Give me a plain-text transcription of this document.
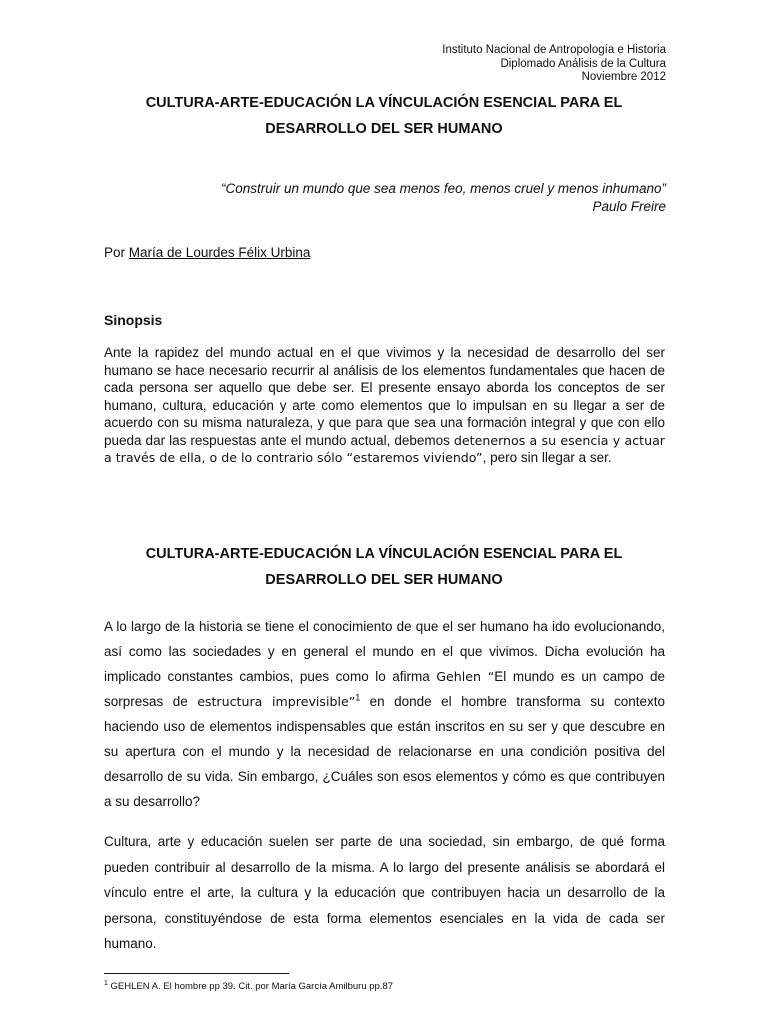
Instituto Nacional de Antropología e Historia
Diplomado Análisis de la Cultura
Noviembre 2012
CULTURA-ARTE-EDUCACIÓN LA VÍNCULACIÓN ESENCIAL PARA EL
DESARROLLO DEL SER HUMANO
“Construir un mundo que sea menos feo, menos cruel y menos inhumano”
Paulo Freire
Por María de Lourdes Félix Urbina
Sinopsis
Ante la rapidez del mundo actual en el que vivimos y la necesidad de desarrollo del ser humano se hace necesario recurrir al análisis de los elementos fundamentales que hacen de cada persona ser aquello que debe ser. El presente ensayo aborda los conceptos de ser humano, cultura, educación y arte como elementos que lo impulsan en su llegar a ser de acuerdo con su misma naturaleza, y que para que sea una formación integral y que con ello pueda dar las respuestas ante el mundo actual, debemos detenernos a su esencia y actuar a través de ella, o de lo contrario sólo “estaremos viviendo”, pero sin llegar a ser.
CULTURA-ARTE-EDUCACIÓN LA VÍNCULACIÓN ESENCIAL PARA EL
DESARROLLO DEL SER HUMANO
A lo largo de la historia se tiene el conocimiento de que el ser humano ha ido evolucionando, así como las sociedades y en general el mundo en el que vivimos. Dicha evolución ha implicado constantes cambios, pues como lo afirma Gehlen “El mundo es un campo de sorpresas de estructura imprevisible”$^1$ en donde el hombre transforma su contexto haciendo uso de elementos indispensables que están inscritos en su ser y que descubre en su apertura con el mundo y la necesidad de relacionarse en una condición positiva del desarrollo de su vida. Sin embargo, ¿Cuáles son esos elementos y cómo es que contribuyen a su desarrollo?
Cultura, arte y educación suelen ser parte de una sociedad, sin embargo, de qué forma pueden contribuir al desarrollo de la misma. A lo largo del presente análisis se abordará el vínculo entre el arte, la cultura y la educación que contribuyen hacia un desarrollo de la persona, constituyéndose de esta forma elementos esenciales en la vida de cada ser humano.
$^1$ GEHLEN A. El hombre pp 39. Cit. por María García Amilburu pp.87
